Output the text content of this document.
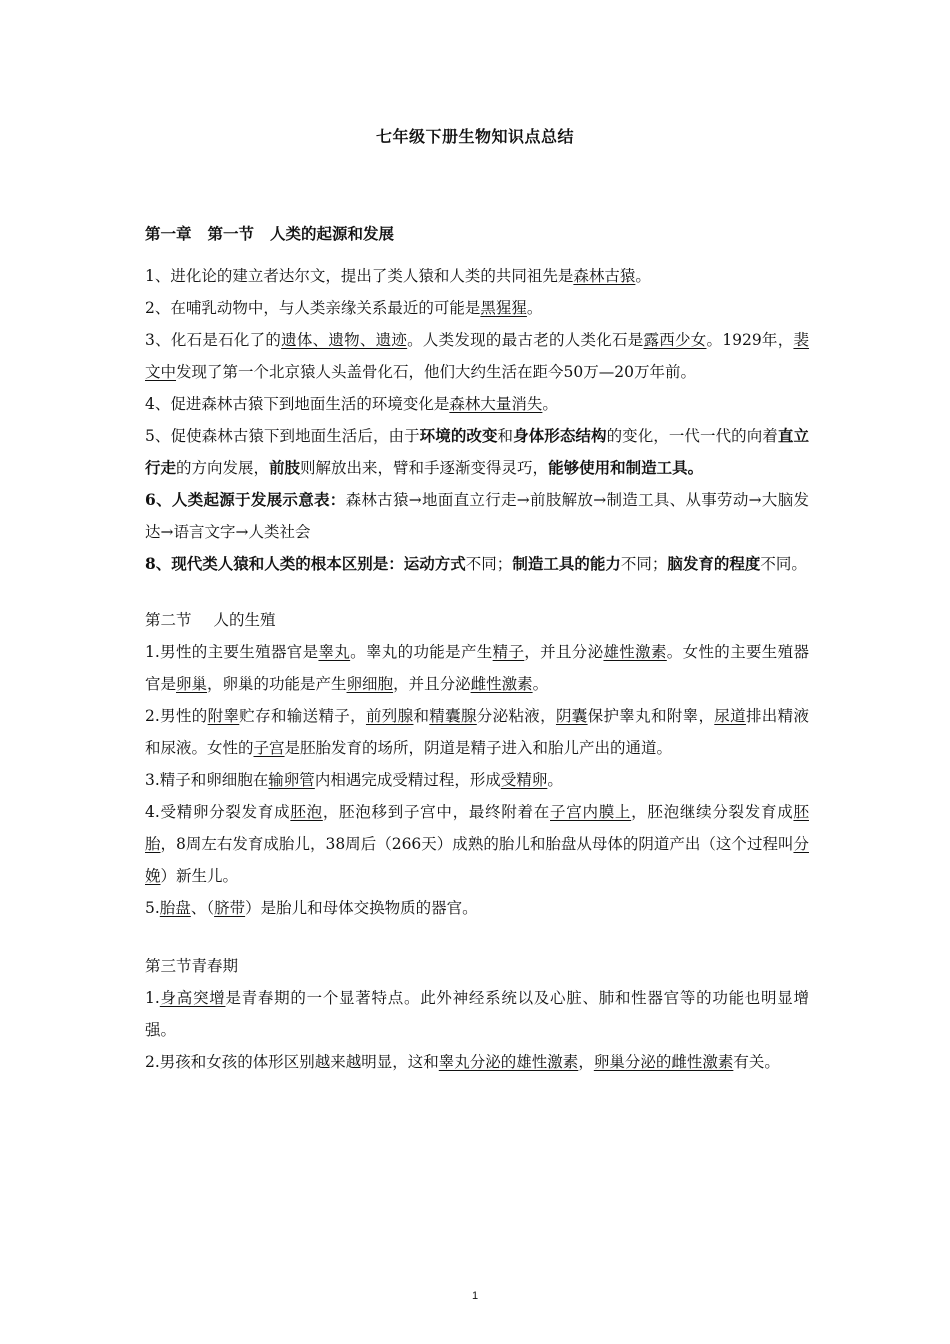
七年级下册生物知识点总结

第一章 第一节 人类的起源和发展

1、进化论的建立者达尔文，提出了类人猿和人类的共同祖先是森林古猿。

2、在哺乳动物中，与人类亲缘关系最近的可能是黑猩猩。

3、化石是石化了的遗体、遗物、遗迹。人类发现的最古老的人类化石是露西少女。1929年，裴文中发现了第一个北京猿人头盖骨化石，他们大约生活在距今50万—20万年前。

4、促进森林古猿下到地面生活的环境变化是森林大量消失。

5、促使森林古猿下到地面生活后，由于环境的改变和身体形态结构的变化，一代一代的向着直立行走的方向发展，前肢则解放出来，臂和手逐渐变得灵巧，能够使用和制造工具。

6、人类起源于发展示意表：森林古猿→地面直立行走→前肢解放→制造工具、从事劳动→大脑发达→语言文字→人类社会

8、现代类人猿和人类的根本区别是：运动方式不同；制造工具的能力不同；脑发育的程度不同。

第二节 人的生殖

1.男性的主要生殖器官是睾丸。睾丸的功能是产生精子，并且分泌雄性激素。女性的主要生殖器官是卵巢，卵巢的功能是产生卵细胞，并且分泌雌性激素。

2.男性的附睾贮存和输送精子，前列腺和精囊腺分泌粘液，阴囊保护睾丸和附睾，尿道排出精液和尿液。女性的子宫是胚胎发育的场所，阴道是精子进入和胎儿产出的通道。

3.精子和卵细胞在输卵管内相遇完成受精过程，形成受精卵。

4.受精卵分裂发育成胚泡，胚泡移到子宫中，最终附着在子宫内膜上，胚泡继续分裂发育成胚胎，8周左右发育成胎儿，38周后（266天）成熟的胎儿和胎盘从母体的阴道产出（这个过程叫分娩）新生儿。

5.胎盘、（脐带）是胎儿和母体交换物质的器官。

第三节青春期

1.身高突增是青春期的一个显著特点。此外神经系统以及心脏、肺和性器官等的功能也明显增强。

2.男孩和女孩的体形区别越来越明显，这和睾丸分泌的雄性激素，卵巢分泌的雌性激素有关。

1
